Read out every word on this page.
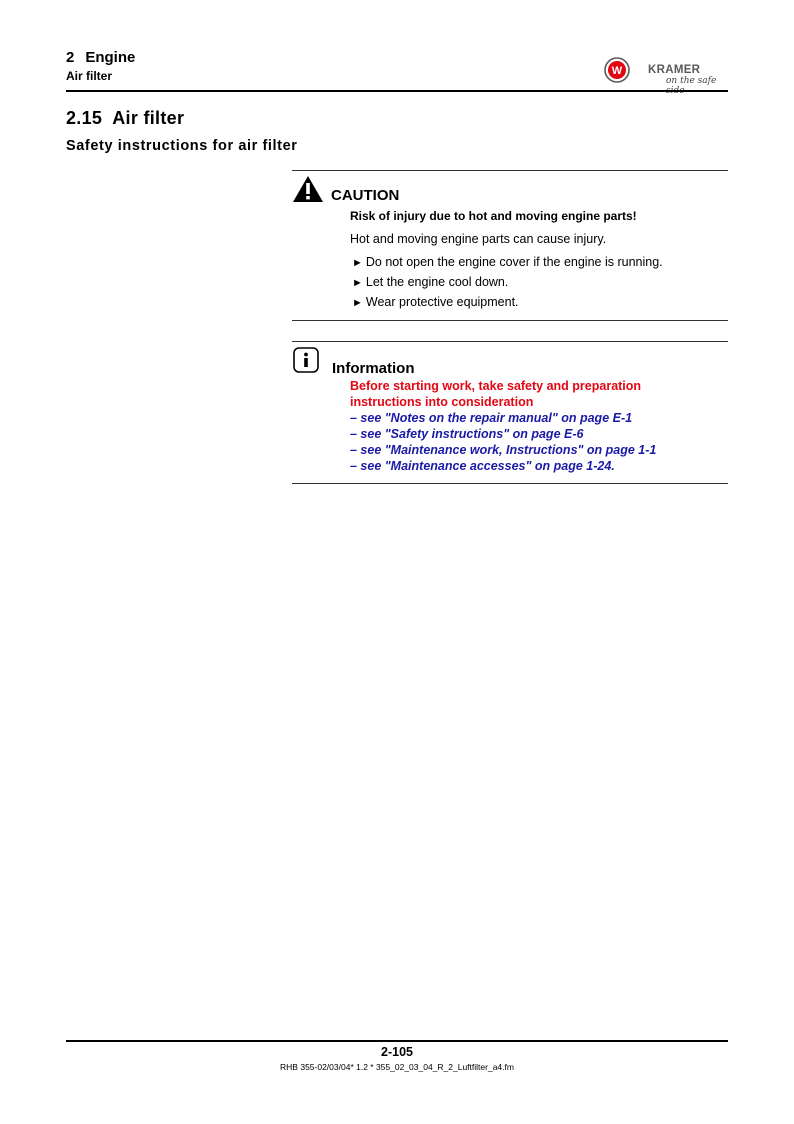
2 Engine
Air filter	W KRAMER
on the safe side
2.15 Air filter
Safety instructions for air filter
CAUTION
Risk of injury due to hot and moving engine parts!
Hot and moving engine parts can cause injury.
► Do not open the engine cover if the engine is running.
► Let the engine cool down.
► Wear protective equipment.
Information
Before starting work, take safety and preparation instructions into consideration
– see "Notes on the repair manual" on page E-1
– see "Safety instructions" on page E-6
– see "Maintenance work, Instructions" on page 1-1
– see "Maintenance accesses" on page 1-24.
2-105
RHB 355-02/03/04* 1.2 * 355_02_03_04_R_2_Luftfilter_a4.fm
